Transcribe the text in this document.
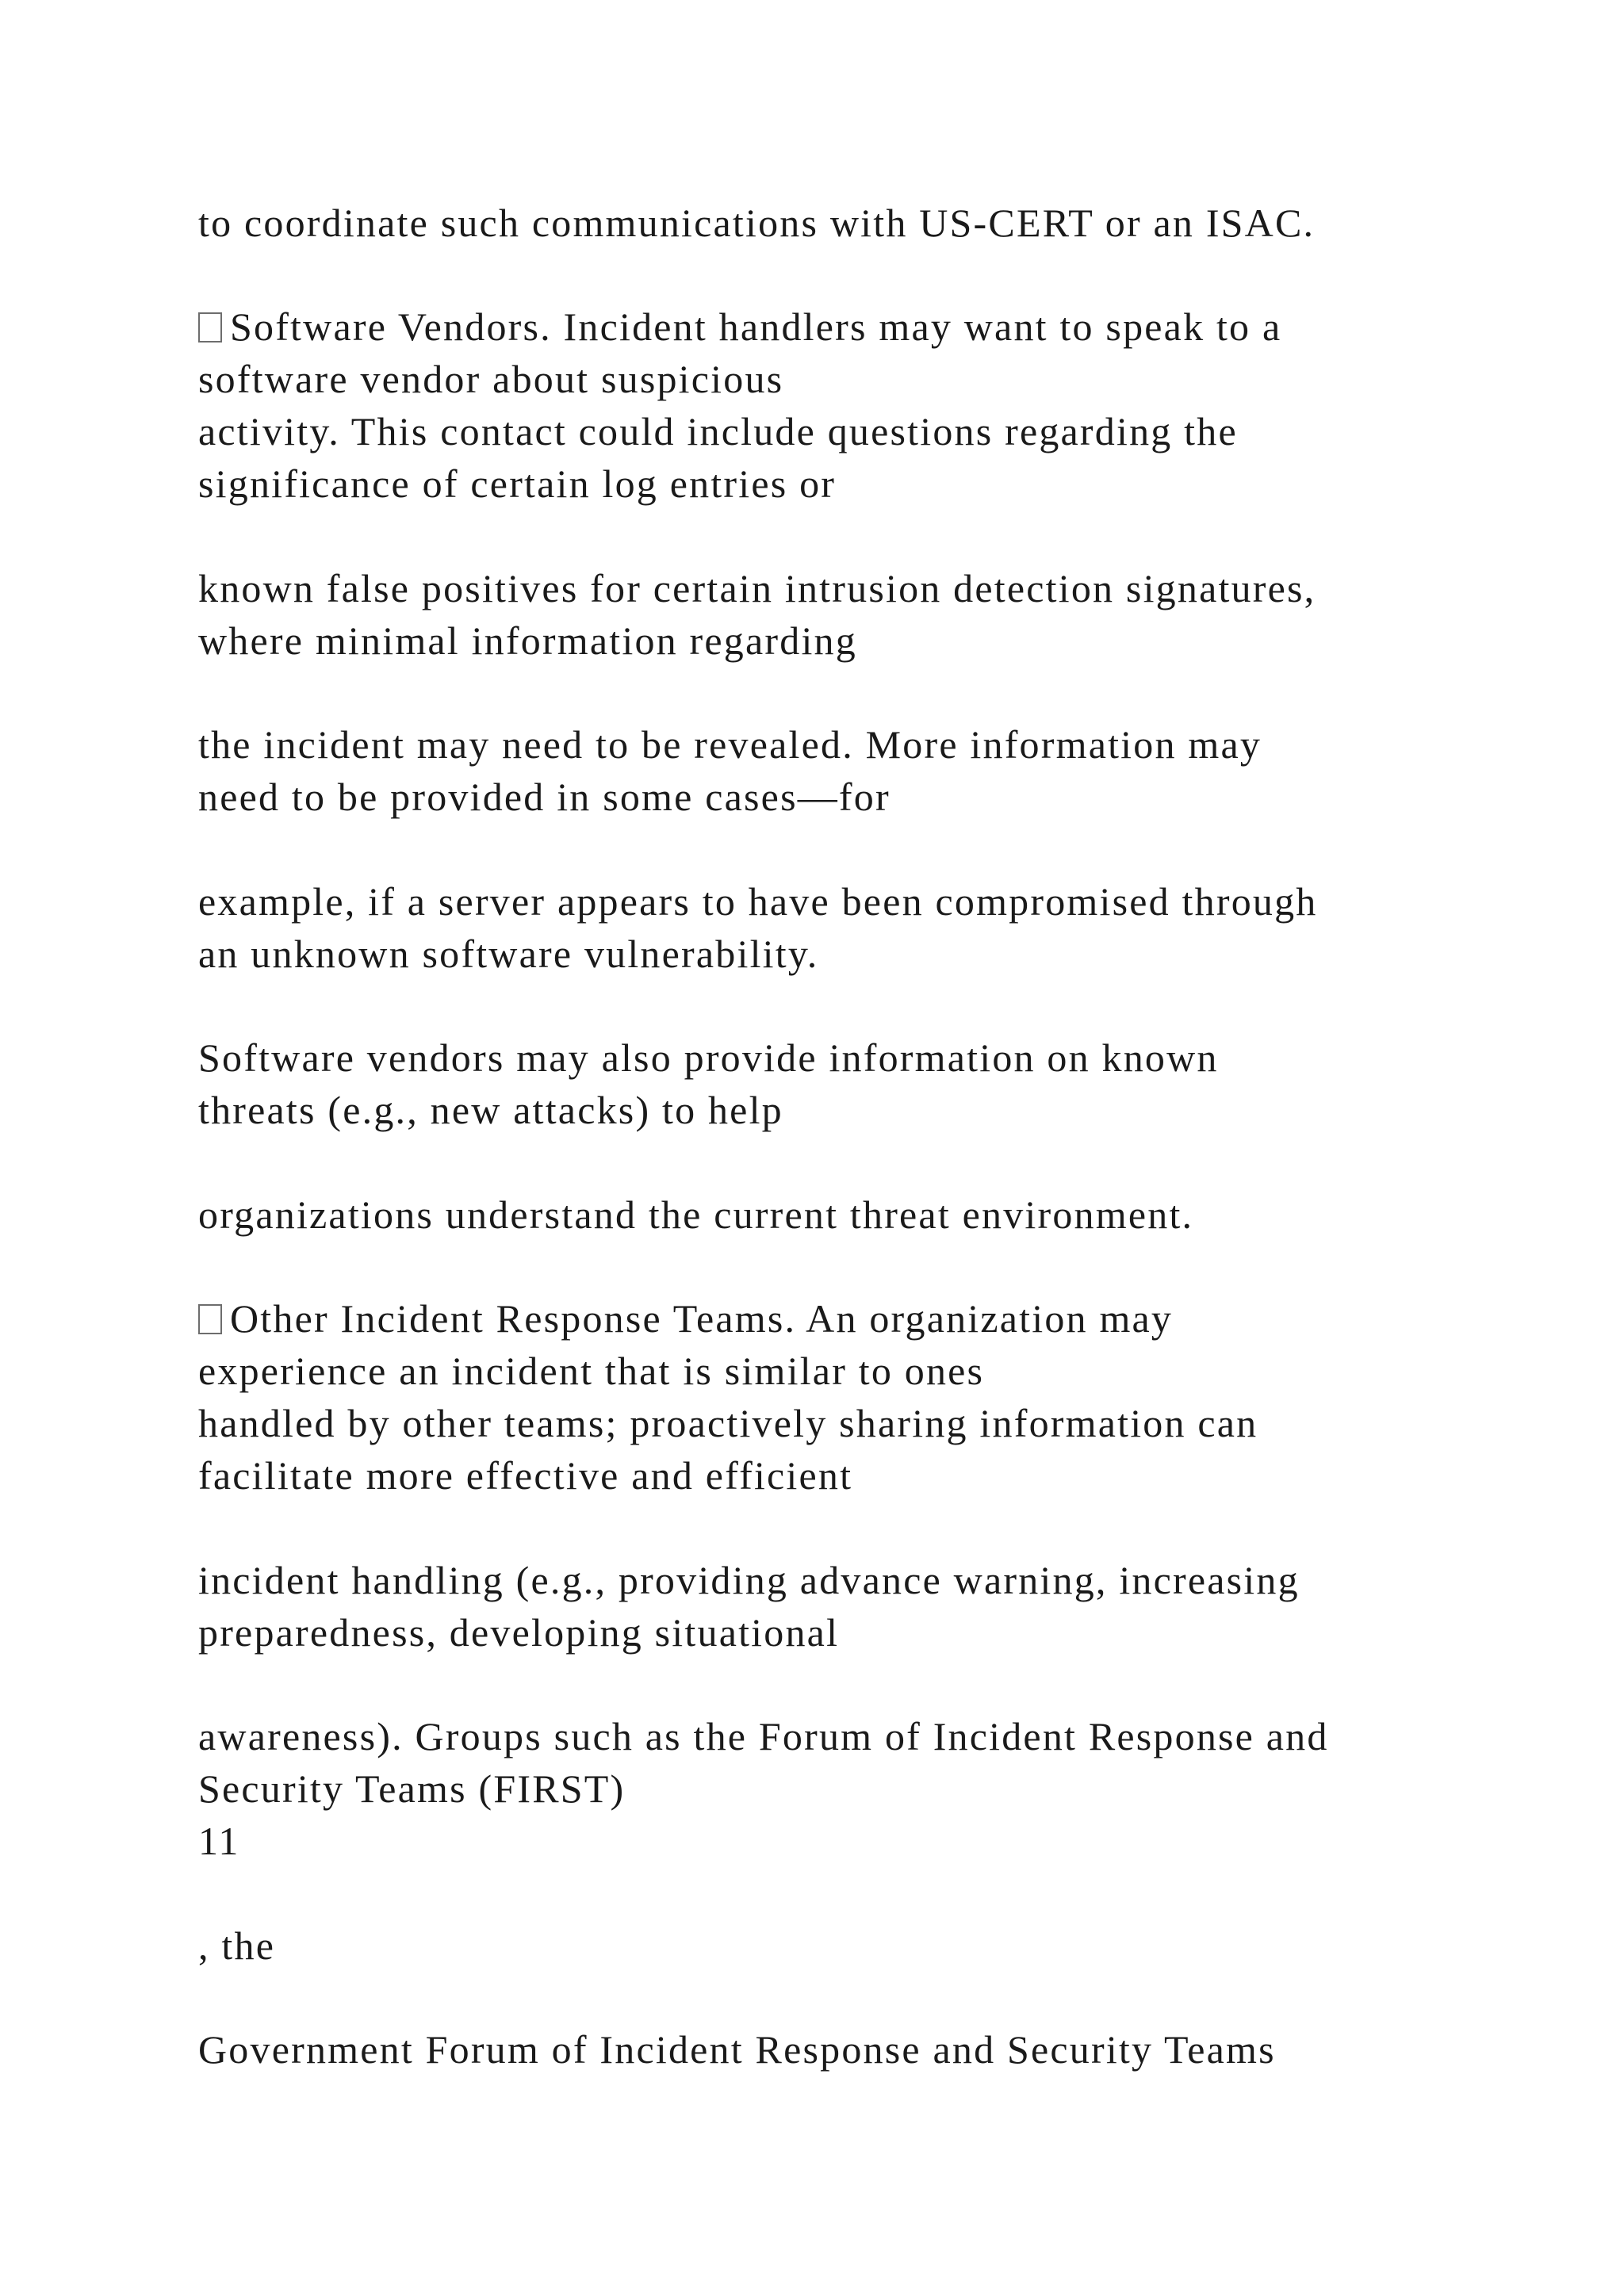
to coordinate such communications with US-CERT or an ISAC.

Software Vendors. Incident handlers may want to speak to a

software vendor about suspicious

activity. This contact could include questions regarding the

significance of certain log entries or

known false positives for certain intrusion detection signatures,

where minimal information regarding

the incident may need to be revealed. More information may

need to be provided in some cases—for

example, if a server appears to have been compromised through

an unknown software vulnerability.

Software vendors may also provide information on known

threats (e.g., new attacks) to help

organizations understand the current threat environment.

Other Incident Response Teams. An organization may

experience an incident that is similar to ones

handled by other teams; proactively sharing information can

facilitate more effective and efficient

incident handling (e.g., providing advance warning, increasing

preparedness, developing situational

awareness). Groups such as the Forum of Incident Response and

Security Teams (FIRST)

11

, the

Government Forum of Incident Response and Security Teams
